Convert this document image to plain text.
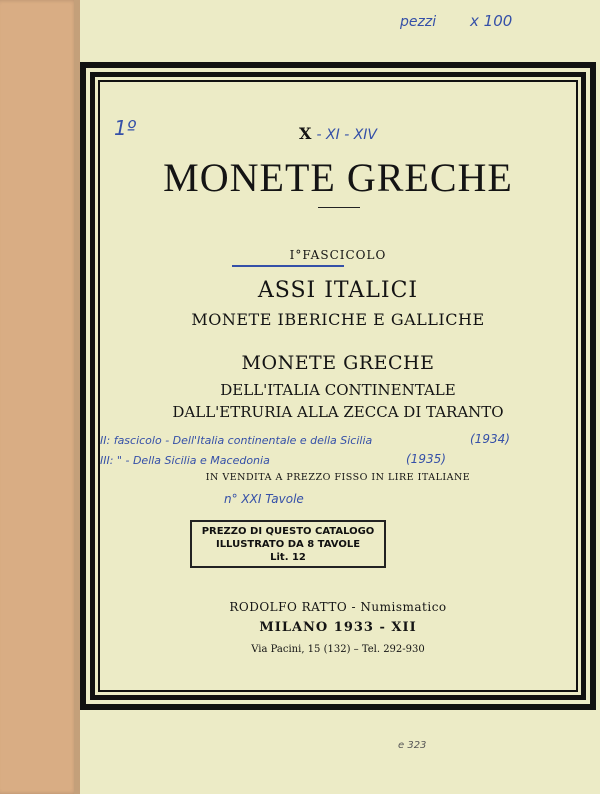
pezzi x 100
1º	X - XI - XIV
MONETE GRECHE
I°FASCICOLO
ASSI ITALICI
MONETE IBERICHE E GALLICHE
MONETE GRECHE
DELL'ITALIA CONTINENTALE
DALL'ETRURIA ALLA ZECCA DI TARANTO
II: fascicolo - Dell'Italia continentale e della Sicilia	(1934)
III: " - Della Sicilia e Macedonia	(1935)
IN VENDITA A PREZZO FISSO IN LIRE ITALIANE
n° XXI Tavole
PREZZO DI QUESTO CATALOGO
ILLUSTRATO DA 8 TAVOLE
Lit. 12
RODOLFO RATTO - Numismatico
MILANO 1933 - XII
Via Pacini, 15 (132) – Tel. 292-930
e 323
